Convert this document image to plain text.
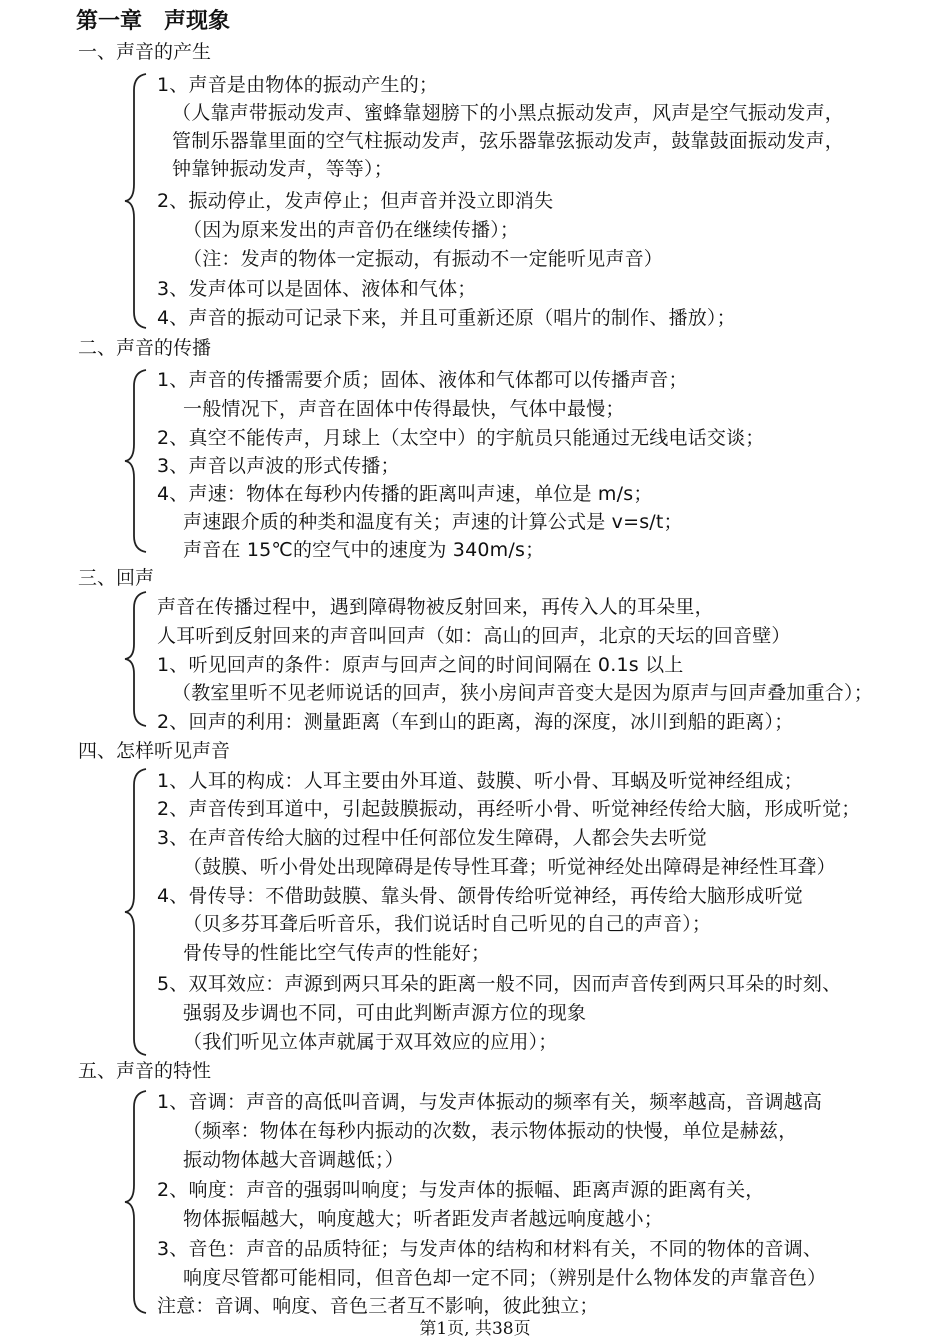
第一章　声现象
一、声音的产生
1、声音是由物体的振动产生的；
（人靠声带振动发声、蜜蜂靠翅膀下的小黑点振动发声，风声是空气振动发声，
管制乐器靠里面的空气柱振动发声，弦乐器靠弦振动发声，鼓靠鼓面振动发声，
钟靠钟振动发声，等等）；
2、振动停止，发声停止；但声音并没立即消失
（因为原来发出的声音仍在继续传播）；
（注：发声的物体一定振动，有振动不一定能听见声音）
3、发声体可以是固体、液体和气体；
4、声音的振动可记录下来，并且可重新还原（唱片的制作、播放）；
二、声音的传播
1、声音的传播需要介质；固体、液体和气体都可以传播声音；
一般情况下，声音在固体中传得最快，气体中最慢；
2、真空不能传声，月球上（太空中）的宇航员只能通过无线电话交谈；
3、声音以声波的形式传播；
4、声速：物体在每秒内传播的距离叫声速，单位是 m/s；
声速跟介质的种类和温度有关；声速的计算公式是 v=s/t；
声音在 15℃的空气中的速度为 340m/s；
三、回声
声音在传播过程中，遇到障碍物被反射回来，再传入人的耳朵里，
人耳听到反射回来的声音叫回声（如：高山的回声，北京的天坛的回音壁）
1、听见回声的条件：原声与回声之间的时间间隔在 0.1s 以上
（教室里听不见老师说话的回声，狭小房间声音变大是因为原声与回声叠加重合）；
2、回声的利用：测量距离（车到山的距离，海的深度，冰川到船的距离）；
四、怎样听见声音
1、人耳的构成：人耳主要由外耳道、鼓膜、听小骨、耳蜗及听觉神经组成；
2、声音传到耳道中，引起鼓膜振动，再经听小骨、听觉神经传给大脑，形成听觉；
3、在声音传给大脑的过程中任何部位发生障碍，人都会失去听觉
（鼓膜、听小骨处出现障碍是传导性耳聋；听觉神经处出障碍是神经性耳聋）
4、骨传导：不借助鼓膜、靠头骨、颌骨传给听觉神经，再传给大脑形成听觉
（贝多芬耳聋后听音乐，我们说话时自己听见的自己的声音）；
骨传导的性能比空气传声的性能好；
5、双耳效应：声源到两只耳朵的距离一般不同，因而声音传到两只耳朵的时刻、
强弱及步调也不同，可由此判断声源方位的现象
（我们听见立体声就属于双耳效应的应用）；
五、声音的特性
1、音调：声音的高低叫音调，与发声体振动的频率有关，频率越高，音调越高
（频率：物体在每秒内振动的次数，表示物体振动的快慢，单位是赫兹，
振动物体越大音调越低；）
2、响度：声音的强弱叫响度；与发声体的振幅、距离声源的距离有关，
物体振幅越大，响度越大；听者距发声者越远响度越小；
3、音色：声音的品质特征；与发声体的结构和材料有关，不同的物体的音调、
响度尽管都可能相同，但音色却一定不同；（辨别是什么物体发的声靠音色）
注意：音调、响度、音色三者互不影响，彼此独立；
第1页, 共38页
